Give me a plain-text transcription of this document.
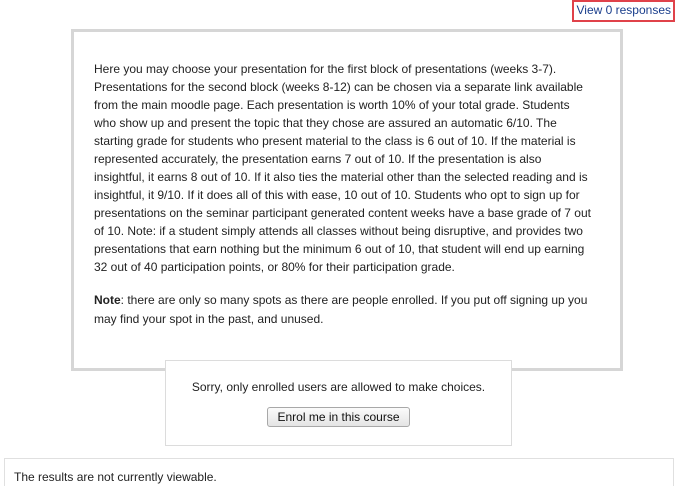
View 0 responses

Here you may choose your presentation for the first block of presentations (weeks 3-7). Presentations for the second block (weeks 8-12) can be chosen via a separate link available from the main moodle page. Each presentation is worth 10% of your total grade. Students who show up and present the topic that they chose are assured an automatic 6/10. The starting grade for students who present material to the class is 6 out of 10. If the material is represented accurately, the presentation earns 7 out of 10. If the presentation is also insightful, it earns 8 out of 10. If it also ties the material other than the selected reading and is insightful, it 9/10. If it does all of this with ease, 10 out of 10. Students who opt to sign up for presentations on the seminar participant generated content weeks have a base grade of 7 out of 10. Note: if a student simply attends all classes without being disruptive, and provides two presentations that earn nothing but the minimum 6 out of 10, that student will end up earning 32 out of 40 participation points, or 80% for their participation grade.

Note: there are only so many spots as there are people enrolled. If you put off signing up you may find your spot in the past, and unused.

Sorry, only enrolled users are allowed to make choices.

Enrol me in this course

The results are not currently viewable.
